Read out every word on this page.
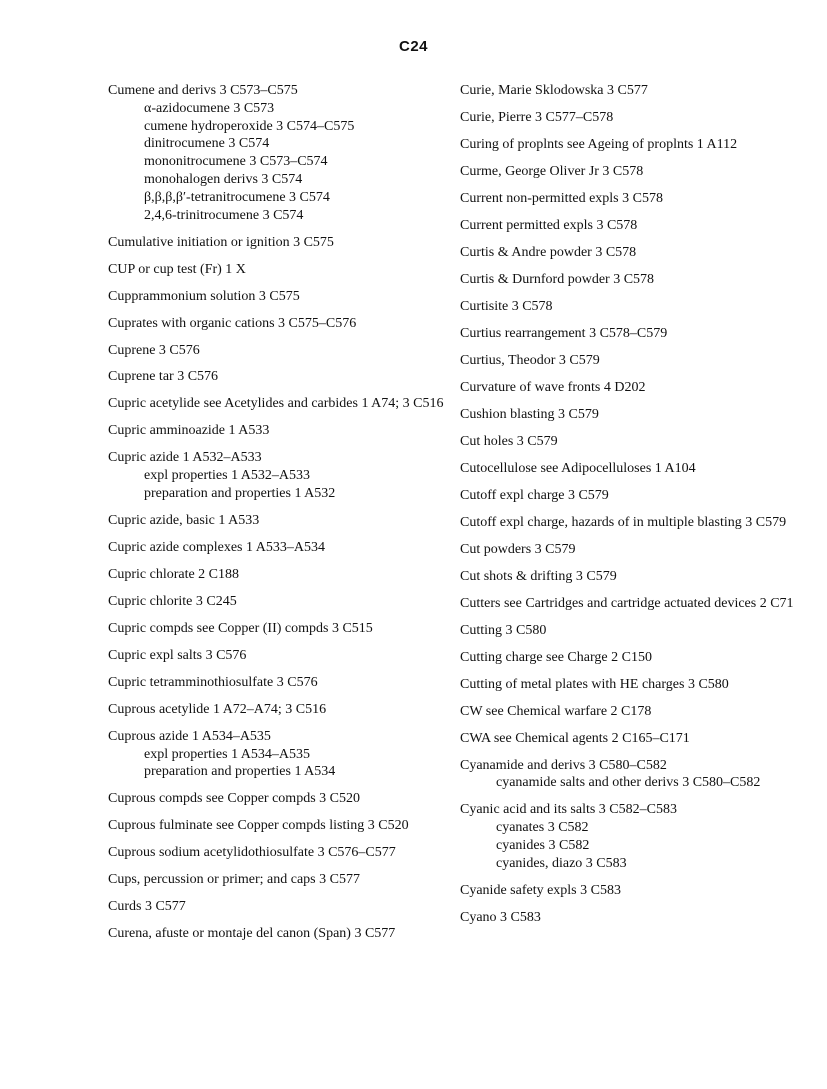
C24
Cumene and derivs 3 C573–C575
α-azidocumene 3 C573
cumene hydroperoxide 3 C574–C575
dinitrocumene 3 C574
mononitrocumene 3 C573–C574
monohalogen derivs 3 C574
β,β,β,β′-tetranitrocumene 3 C574
2,4,6-trinitrocumene 3 C574
Cumulative initiation or ignition 3 C575
CUP or cup test (Fr) 1 X
Cupprammonium solution 3 C575
Cuprates with organic cations 3 C575–C576
Cuprene 3 C576
Cuprene tar 3 C576
Cupric acetylide see Acetylides and carbides 1 A74; 3 C516
Cupric amminoazide 1 A533
Cupric azide 1 A532–A533
expl properties 1 A532–A533
preparation and properties 1 A532
Cupric azide, basic 1 A533
Cupric azide complexes 1 A533–A534
Cupric chlorate 2 C188
Cupric chlorite 3 C245
Cupric compds see Copper (II) compds 3 C515
Cupric expl salts 3 C576
Cupric tetramminothiosulfate 3 C576
Cuprous acetylide 1 A72–A74; 3 C516
Cuprous azide 1 A534–A535
expl properties 1 A534–A535
preparation and properties 1 A534
Cuprous compds see Copper compds 3 C520
Cuprous fulminate see Copper compds listing 3 C520
Cuprous sodium acetylidothiosulfate 3 C576–C577
Cups, percussion or primer; and caps 3 C577
Curds 3 C577
Curena, afuste or montaje del canon (Span) 3 C577
Curie, Marie Sklodowska 3 C577
Curie, Pierre 3 C577–C578
Curing of proplnts see Ageing of proplnts 1 A112
Curme, George Oliver Jr 3 C578
Current non-permitted expls 3 C578
Current permitted expls 3 C578
Curtis & Andre powder 3 C578
Curtis & Durnford powder 3 C578
Curtisite 3 C578
Curtius rearrangement 3 C578–C579
Curtius, Theodor 3 C579
Curvature of wave fronts 4 D202
Cushion blasting 3 C579
Cut holes 3 C579
Cutocellulose see Adipocelluloses 1 A104
Cutoff expl charge 3 C579
Cutoff expl charge, hazards of in multiple blasting 3 C579
Cut powders 3 C579
Cut shots & drifting 3 C579
Cutters see Cartridges and cartridge actuated devices 2 C71
Cutting 3 C580
Cutting charge see Charge 2 C150
Cutting of metal plates with HE charges 3 C580
CW see Chemical warfare 2 C178
CWA see Chemical agents 2 C165–C171
Cyanamide and derivs 3 C580–C582
cyanamide salts and other derivs 3 C580–C582
Cyanic acid and its salts 3 C582–C583
cyanates 3 C582
cyanides 3 C582
cyanides, diazo 3 C583
Cyanide safety expls 3 C583
Cyano 3 C583
